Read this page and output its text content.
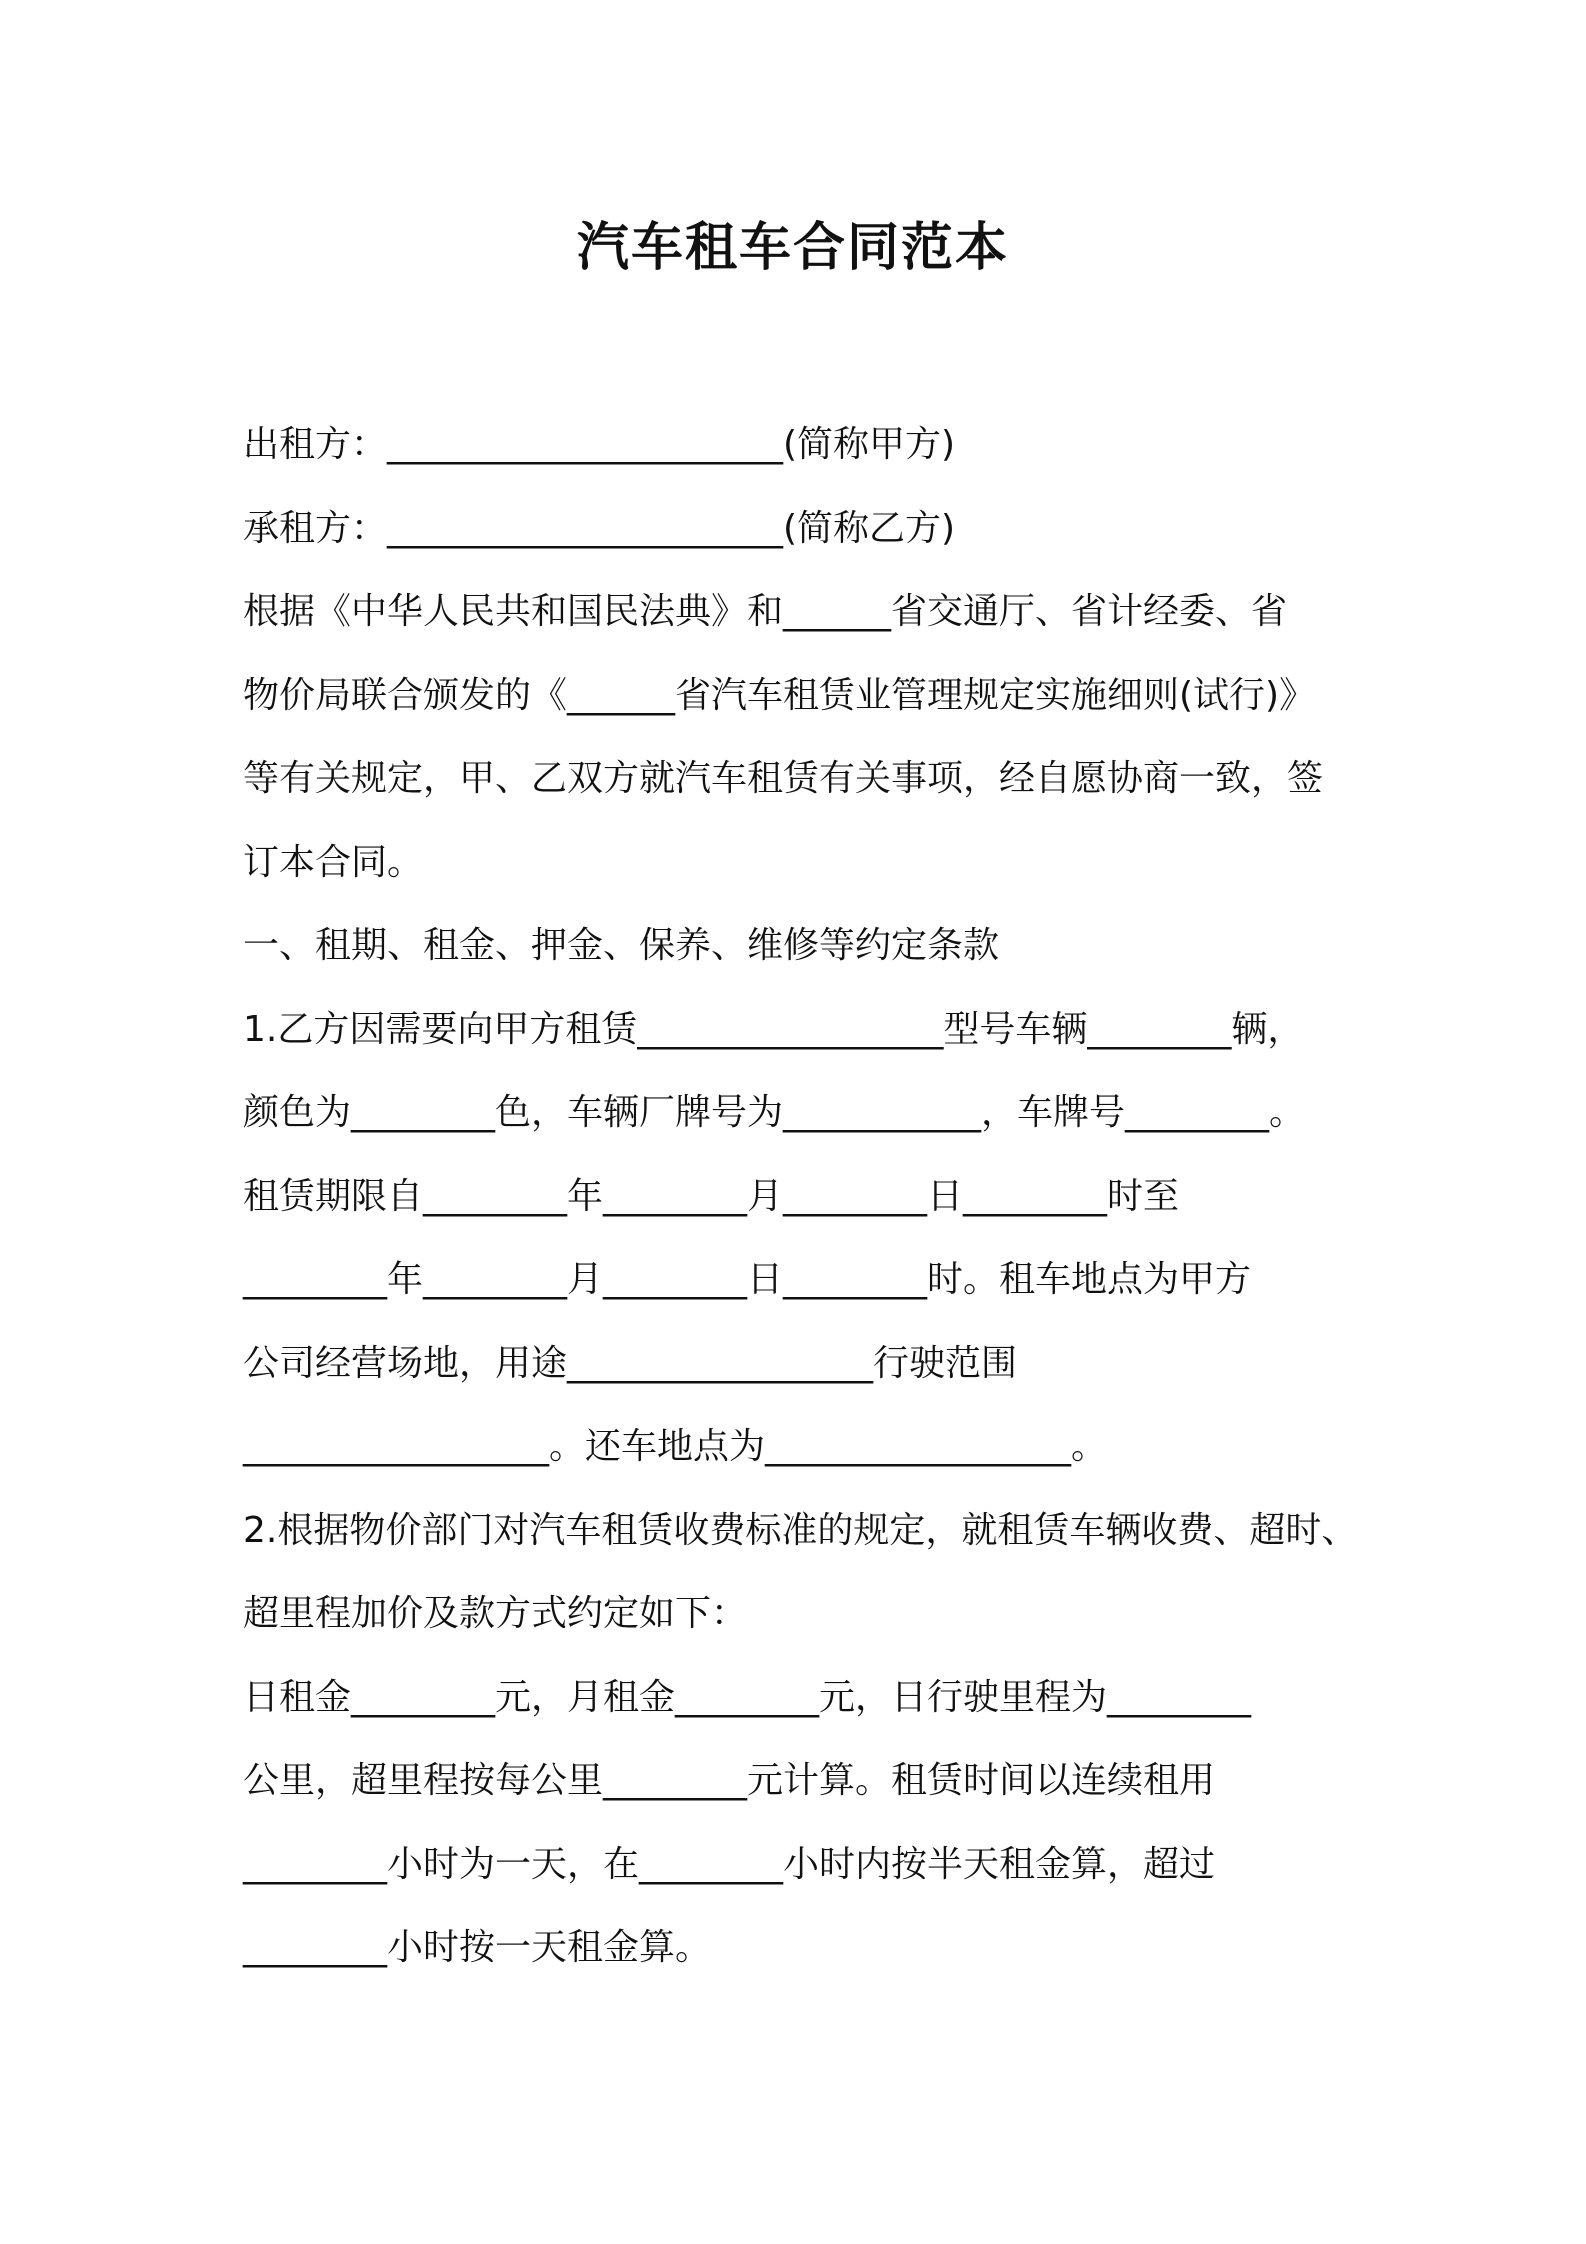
汽车租车合同范本
出租方：______________________(简称甲方)
承租方：______________________(简称乙方)
根据《中华人民共和国民法典》和______省交通厅、省计经委、省
物价局联合颁发的《______省汽车租赁业管理规定实施细则(试行)》
等有关规定，甲、乙双方就汽车租赁有关事项，经自愿协商一致，签
订本合同。
一、租期、租金、押金、保养、维修等约定条款
1.乙方因需要向甲方租赁_________________型号车辆________辆，
颜色为________色，车辆厂牌号为___________，车牌号________。
租赁期限自________年________月________日________时至
________年________月________日________时。租车地点为甲方
公司经营场地，用途_________________行驶范围
_________________。还车地点为_________________。
2.根据物价部门对汽车租赁收费标准的规定，就租赁车辆收费、超时、
超里程加价及款方式约定如下：
日租金________元，月租金________元，日行驶里程为________
公里，超里程按每公里________元计算。租赁时间以连续租用
________小时为一天，在________小时内按半天租金算，超过
________小时按一天租金算。
